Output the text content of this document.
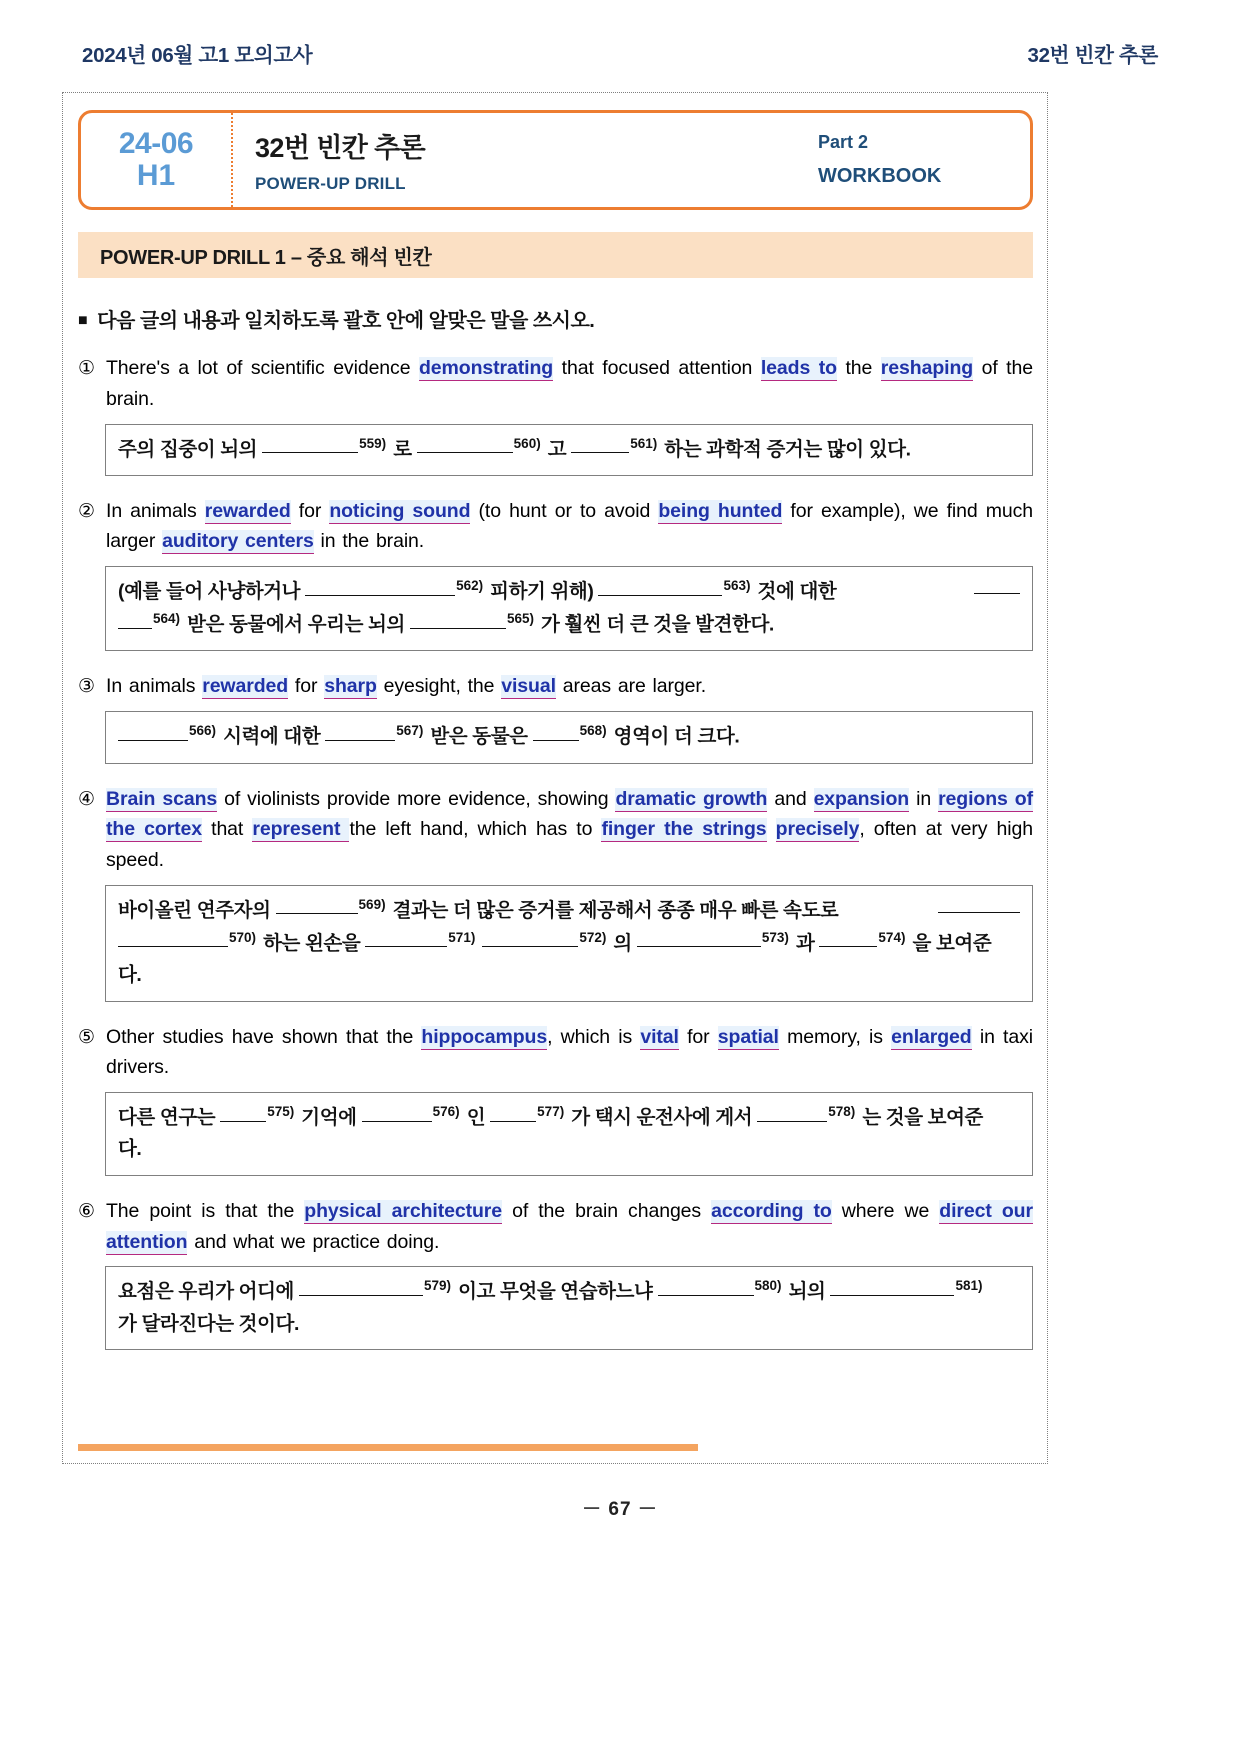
2024년 06월 고1 모의고사	32번 빈칸 추론
24-06
H1
32번 빈칸 추론
POWER-UP DRILL
Part 2
WORKBOOK
POWER-UP DRILL 1 – 중요 해석 빈칸
■ 다음 글의 내용과 일치하도록 괄호 안에 알맞은 말을 쓰시오.
① There's a lot of scientific evidence demonstrating that focused attention leads to the reshaping of the brain.
주의 집중이 뇌의	$^{559)}$ 로	$^{560)}$ 고	$^{561)}$ 하는 과학적 증거는 많이 있다.
② In animals rewarded for noticing sound (to hunt or to avoid being hunted for example), we find much larger auditory centers in the brain.
(예를 들어 사냥하거나	$^{562)}$ 피하기 위해)	$^{563)}$ 것에 대한
$^{564)}$ 받은 동물에서 우리는 뇌의	$^{565)}$ 가 훨씬 더 큰 것을 발견한다.
③ In animals rewarded for sharp eyesight, the visual areas are larger.
$^{566)}$ 시력에 대한	$^{567)}$ 받은 동물은	$^{568)}$ 영역이 더 크다.
④ Brain scans of violinists provide more evidence, showing dramatic growth and expansion in regions of the cortex that represent the left hand, which has to finger the strings precisely, often at very high speed.
바이올린 연주자의	$^{569)}$ 결과는 더 많은 증거를 제공해서 종종 매우 빠른 속도로
$^{570)}$ 하는 왼손을	$^{571)}$	$^{572)}$ 의	$^{573)}$ 과	$^{574)}$ 을 보여준
다.
⑤ Other studies have shown that the hippocampus, which is vital for spatial memory, is enlarged in taxi drivers.
다른 연구는	$^{575)}$ 기억에	$^{576)}$ 인	$^{577)}$ 가 택시 운전사에 게서	$^{578)}$ 는 것을 보여준
다.
⑥ The point is that the physical architecture of the brain changes according to where we direct our attention and what we practice doing.
요점은 우리가 어디에	$^{579)}$ 이고 무엇을 연습하느냐	$^{580)}$ 뇌의	$^{581)}$
가 달라진다는 것이다.
－ 67 －
